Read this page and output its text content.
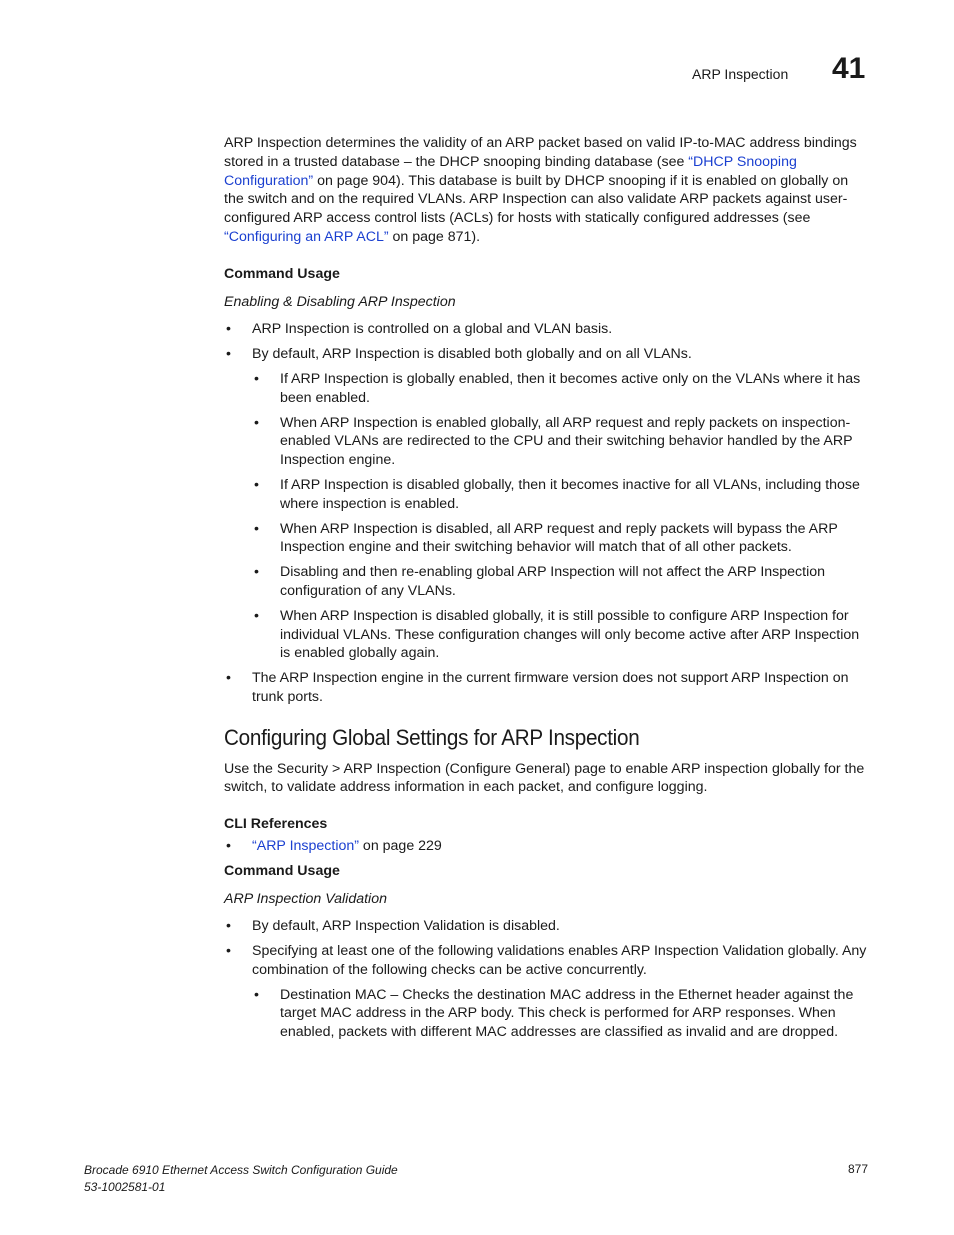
ARP Inspection 41

ARP Inspection determines the validity of an ARP packet based on valid IP-to-MAC address bindings stored in a trusted database – the DHCP snooping binding database (see “DHCP Snooping Configuration” on page 904). This database is built by DHCP snooping if it is enabled on globally on the switch and on the required VLANs. ARP Inspection can also validate ARP packets against user-configured ARP access control lists (ACLs) for hosts with statically configured addresses (see “Configuring an ARP ACL” on page 871).

Command Usage

Enabling & Disabling ARP Inspection

• ARP Inspection is controlled on a global and VLAN basis.
• By default, ARP Inspection is disabled both globally and on all VLANs.
• If ARP Inspection is globally enabled, then it becomes active only on the VLANs where it has been enabled.
• When ARP Inspection is enabled globally, all ARP request and reply packets on inspection-enabled VLANs are redirected to the CPU and their switching behavior handled by the ARP Inspection engine.
• If ARP Inspection is disabled globally, then it becomes inactive for all VLANs, including those where inspection is enabled.
• When ARP Inspection is disabled, all ARP request and reply packets will bypass the ARP Inspection engine and their switching behavior will match that of all other packets.
• Disabling and then re-enabling global ARP Inspection will not affect the ARP Inspection configuration of any VLANs.
• When ARP Inspection is disabled globally, it is still possible to configure ARP Inspection for individual VLANs. These configuration changes will only become active after ARP Inspection is enabled globally again.
• The ARP Inspection engine in the current firmware version does not support ARP Inspection on trunk ports.
Configuring Global Settings for ARP Inspection

Use the Security > ARP Inspection (Configure General) page to enable ARP inspection globally for the switch, to validate address information in each packet, and configure logging.

CLI References

• “ARP Inspection” on page 229

Command Usage

ARP Inspection Validation

• By default, ARP Inspection Validation is disabled.
• Specifying at least one of the following validations enables ARP Inspection Validation globally. Any combination of the following checks can be active concurrently.
• Destination MAC – Checks the destination MAC address in the Ethernet header against the target MAC address in the ARP body. This check is performed for ARP responses. When enabled, packets with different MAC addresses are classified as invalid and are dropped.
Brocade 6910 Ethernet Access Switch Configuration Guide
53-1002581-01
877
